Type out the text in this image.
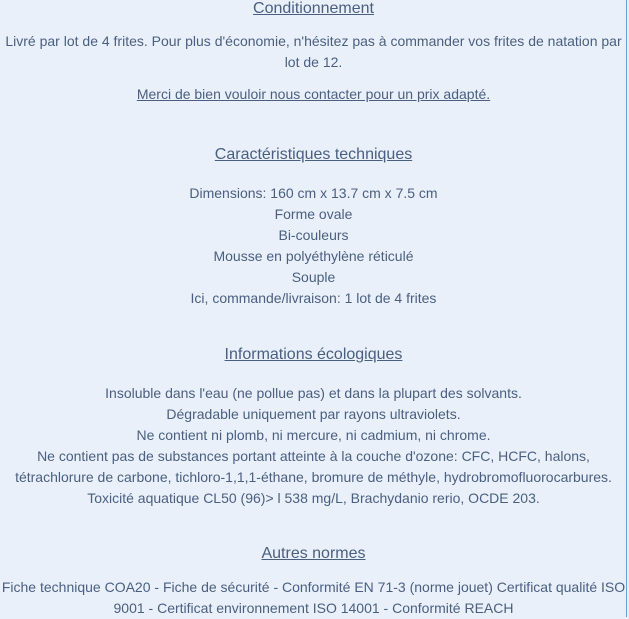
Conditionnement

Livré par lot de 4 frites. Pour plus d'économie, n'hésitez pas à commander vos frites de natation par lot de 12.

Merci de bien vouloir nous contacter pour un prix adapté.

Caractéristiques techniques
Dimensions: 160 cm x 13.7 cm x 7.5 cm
Forme ovale
Bi-couleurs
Mousse en polyéthylène réticulé
Souple
Ici, commande/livraison: 1 lot de 4 frites
Informations écologiques
Insoluble dans l'eau (ne pollue pas) et dans la plupart des solvants.
Dégradable uniquement par rayons ultraviolets.
Ne contient ni plomb, ni mercure, ni cadmium, ni chrome.
Ne contient pas de substances portant atteinte à la couche d'ozone: CFC, HCFC, halons,
tétrachlorure de carbone, tichloro-1,1,1-éthane, bromure de méthyle, hydrobromofluorocarbures.
Toxicité aquatique CL50 (96)> l 538 mg/L, Brachydanio rerio, OCDE 203.
Autres normes

Fiche technique COA20 - Fiche de sécurité - Conformité EN 71-3 (norme jouet) Certificat qualité ISO 9001 - Certificat environnement ISO 14001 - Conformité REACH
